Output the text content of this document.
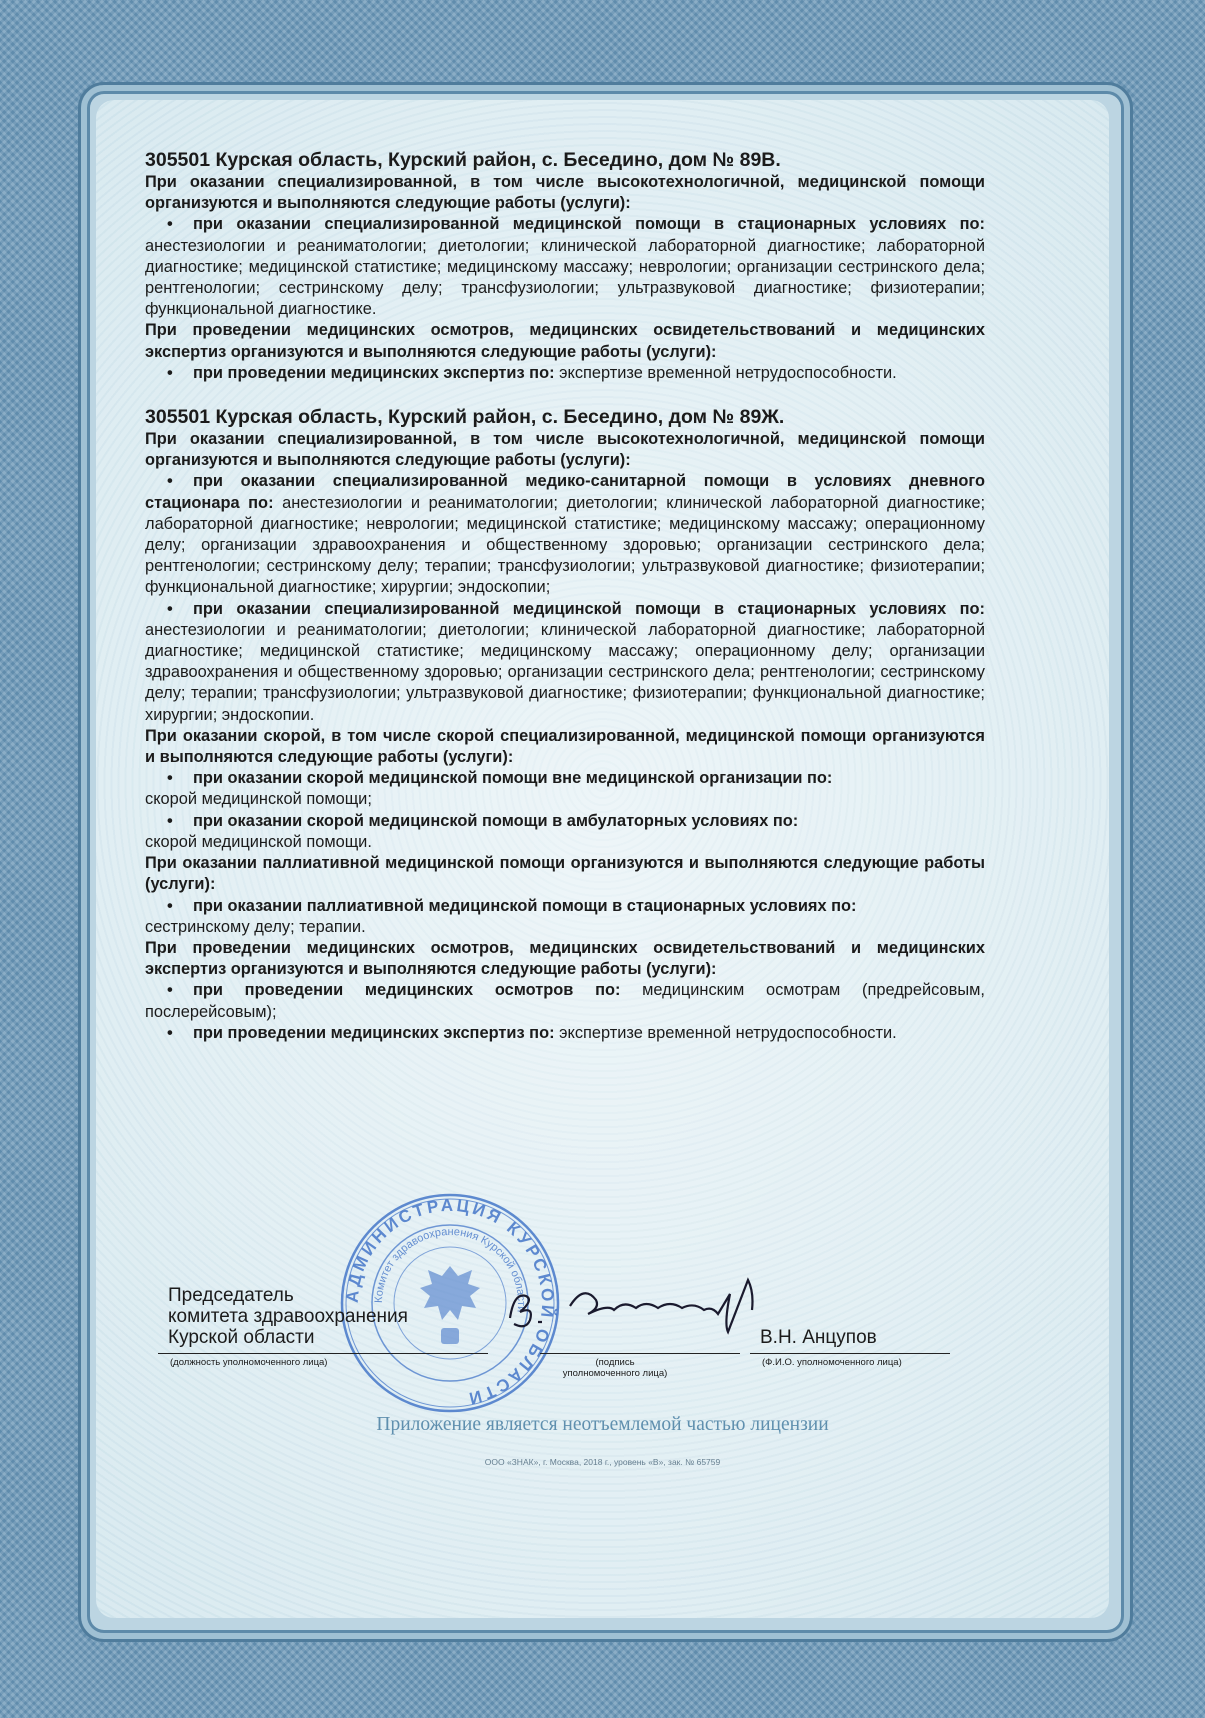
305501 Курская область, Курский район, с. Беседино, дом № 89В.

При оказании специализированной, в том числе высокотехнологичной, медицинской помощи организуются и выполняются следующие работы (услуги):

• при оказании специализированной медицинской помощи в стационарных условиях по: анестезиологии и реаниматологии; диетологии; клинической лабораторной диагностике; лабораторной диагностике; медицинской статистике; медицинскому массажу; неврологии; организации сестринского дела; рентгенологии; сестринскому делу; трансфузиологии; ультразвуковой диагностике; физиотерапии; функциональной диагностике.

При проведении медицинских осмотров, медицинских освидетельствований и медицинских экспертиз организуются и выполняются следующие работы (услуги):

• при проведении медицинских экспертиз по: экспертизе временной нетрудоспособности.

305501 Курская область, Курский район, с. Беседино, дом № 89Ж.

При оказании специализированной, в том числе высокотехнологичной, медицинской помощи организуются и выполняются следующие работы (услуги):

• при оказании специализированной медико-санитарной помощи в условиях дневного стационара по: анестезиологии и реаниматологии; диетологии; клинической лабораторной диагностике; лабораторной диагностике; неврологии; медицинской статистике; медицинскому массажу; операционному делу; организации здравоохранения и общественному здоровью; организации сестринского дела; рентгенологии; сестринскому делу; терапии; трансфузиологии; ультразвуковой диагностике; физиотерапии; функциональной диагностике; хирургии; эндоскопии;

• при оказании специализированной медицинской помощи в стационарных условиях по: анестезиологии и реаниматологии; диетологии; клинической лабораторной диагностике; лабораторной диагностике; медицинской статистике; медицинскому массажу; операционному делу; организации здравоохранения и общественному здоровью; организации сестринского дела; рентгенологии; сестринскому делу; терапии; трансфузиологии; ультразвуковой диагностике; физиотерапии; функциональной диагностике; хирургии; эндоскопии.

При оказании скорой, в том числе скорой специализированной, медицинской помощи организуются и выполняются следующие работы (услуги):

• при оказании скорой медицинской помощи вне медицинской организации по:

скорой медицинской помощи;

• при оказании скорой медицинской помощи в амбулаторных условиях по:

скорой медицинской помощи.

При оказании паллиативной медицинской помощи организуются и выполняются следующие работы (услуги):

• при оказании паллиативной медицинской помощи в стационарных условиях по:

сестринскому делу; терапии.

При проведении медицинских осмотров, медицинских освидетельствований и медицинских экспертиз организуются и выполняются следующие работы (услуги):

• при проведении медицинских осмотров по: медицинским осмотрам (предрейсовым, послерейсовым);

• при проведении медицинских экспертиз по: экспертизе временной нетрудоспособности.

АДМИНИСТРАЦИЯ КУРСКОЙ ОБЛАСТИ
Комитет здравоохранения Курской области
Председатель
комитета здравоохранения
Курской области
(должность уполномоченного лица)	(подпись уполномоченного лица)
В.Н. Анцупов
(Ф.И.О. уполномоченного лица)
Приложение является неотъемлемой частью лицензии
ООО «ЗНАК», г. Москва, 2018 г., уровень «В», зак. № 65759
